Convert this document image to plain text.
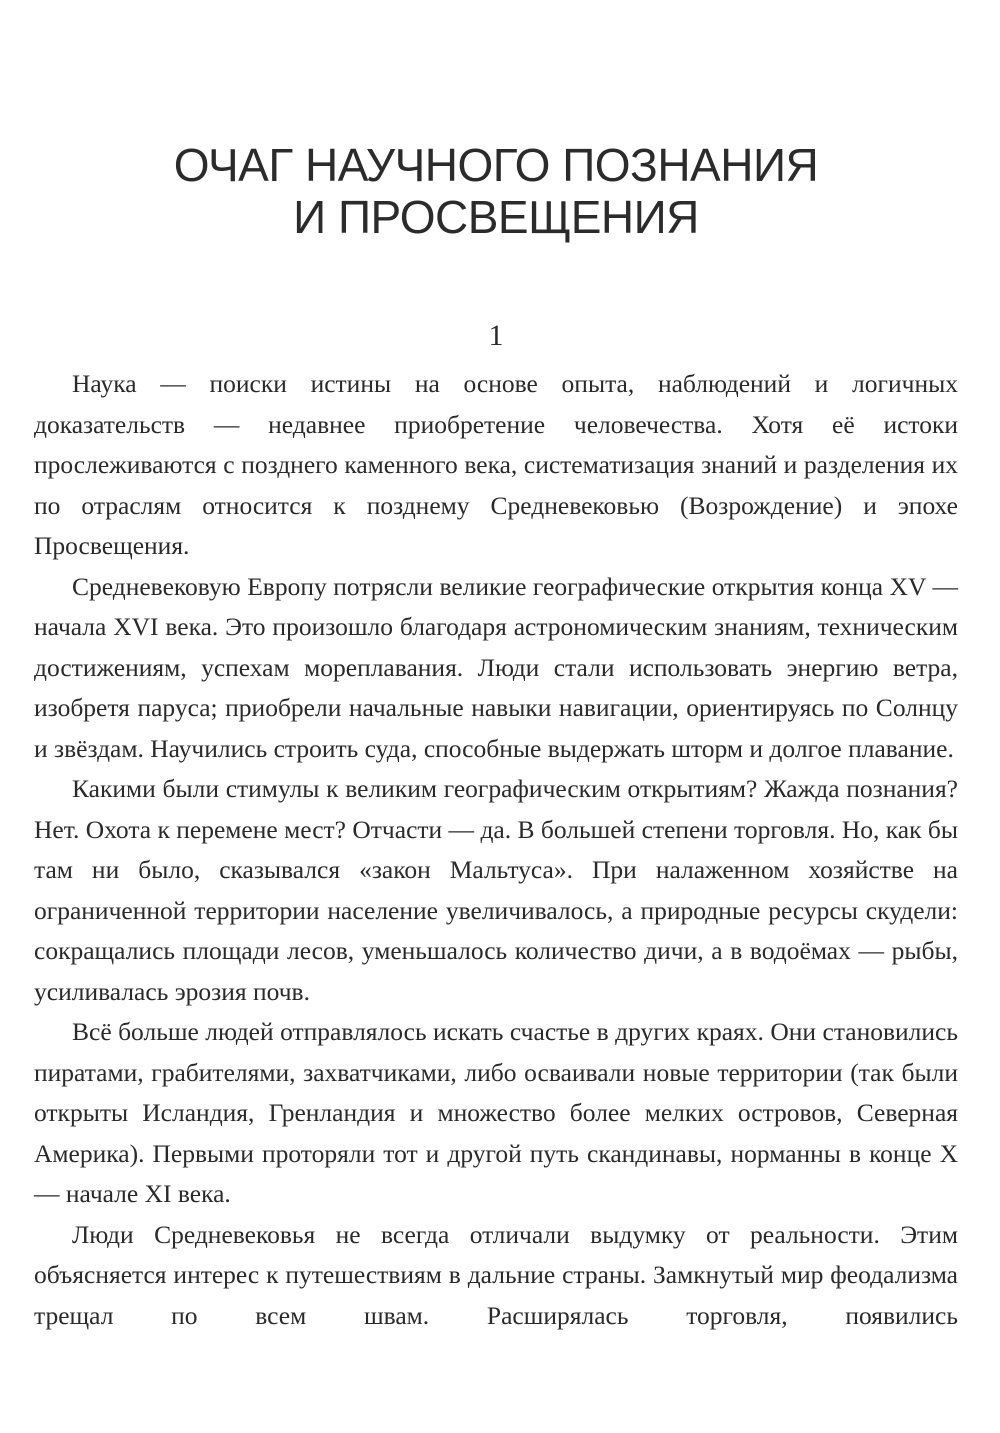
ОЧАГ НАУЧНОГО ПОЗНАНИЯ
И ПРОСВЕЩЕНИЯ
1

Наука — поиски истины на основе опыта, наблюдений и логичных доказательств — недавнее приобретение человечества. Хотя её истоки прослеживаются с позднего каменного века, систематизация знаний и разделения их по отраслям относится к позднему Средневековью (Возрождение) и эпохе Просвещения.

Средневековую Европу потрясли великие географические открытия конца XV — начала XVI века. Это произошло благодаря астрономическим знаниям, техническим достижениям, успехам мореплавания. Люди стали использовать энергию ветра, изобретя паруса; приобрели начальные навыки навигации, ориентируясь по Солнцу и звёздам. Научились строить суда, способные выдержать шторм и долгое плавание.

Какими были стимулы к великим географическим открытиям? Жажда познания? Нет. Охота к перемене мест? Отчасти — да. В большей степени торговля. Но, как бы там ни было, сказывался «закон Мальтуса». При налаженном хозяйстве на ограниченной территории население увеличивалось, а природные ресурсы скудели: сокращались площади лесов, уменьшалось количество дичи, а в водоёмах — рыбы, усиливалась эрозия почв.

Всё больше людей отправлялось искать счастье в других краях. Они становились пиратами, грабителями, захватчиками, либо осваивали новые территории (так были открыты Исландия, Гренландия и множество более мелких островов, Северная Америка). Первыми проторяли тот и другой путь скандинавы, норманны в конце X — начале XI века.

Люди Средневековья не всегда отличали выдумку от реальности. Этим объясняется интерес к путешествиям в дальние страны. Замкнутый мир феодализма трещал по всем швам. Расширялась торговля, появились
